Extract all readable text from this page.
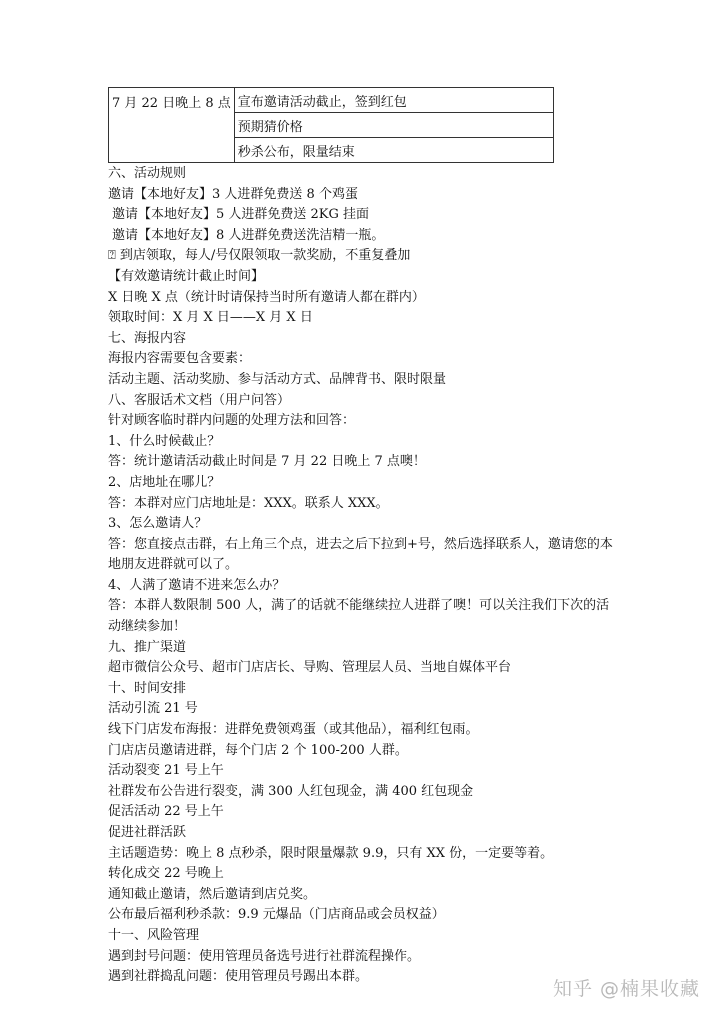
7 月 22 日晚上 8 点	宣布邀请活动截止，签到红包
预期猜价格
秒杀公布，限量结束
六、活动规则
邀请【本地好友】3 人进群免费送 8 个鸡蛋
邀请【本地好友】5 人进群免费送 2KG 挂面
邀请【本地好友】8 人进群免费送洗洁精一瓶。
⍰ 到店领取，每人/号仅限领取一款奖励，不重复叠加
【有效邀请统计截止时间】
X 日晚 X 点（统计时请保持当时所有邀请人都在群内）
领取时间：X 月 X 日——X 月 X 日
七、海报内容
海报内容需要包含要素：
活动主题、活动奖励、参与活动方式、品牌背书、限时限量
八、客服话术文档（用户问答）
针对顾客临时群内问题的处理方法和回答：
1、什么时候截止？
答：统计邀请活动截止时间是 7 月 22 日晚上 7 点噢！
2、店地址在哪儿？
答：本群对应门店地址是：XXX。联系人 XXX。
3、怎么邀请人？
答：您直接点击群，右上角三个点，进去之后下拉到+号，然后选择联系人，邀请您的本地朋友进群就可以了。
4、人满了邀请不进来怎么办？
答：本群人数限制 500 人，满了的话就不能继续拉人进群了噢！可以关注我们下次的活动继续参加！
九、推广渠道
超市微信公众号、超市门店店长、导购、管理层人员、当地自媒体平台
十、时间安排
活动引流 21 号
线下门店发布海报：进群免费领鸡蛋（或其他品），福利红包雨。
门店店员邀请进群，每个门店 2 个 100-200 人群。
活动裂变 21 号上午
社群发布公告进行裂变，满 300 人红包现金，满 400 红包现金
促活活动 22 号上午
促进社群活跃
主话题造势：晚上 8 点秒杀，限时限量爆款 9.9，只有 XX 份，一定要等着。
转化成交 22 号晚上
通知截止邀请，然后邀请到店兑奖。
公布最后福利秒杀款：9.9 元爆品（门店商品或会员权益）
十一、风险管理
遇到封号问题：使用管理员备选号进行社群流程操作。
遇到社群捣乱问题：使用管理员号踢出本群。
知乎 @楠果收藏
